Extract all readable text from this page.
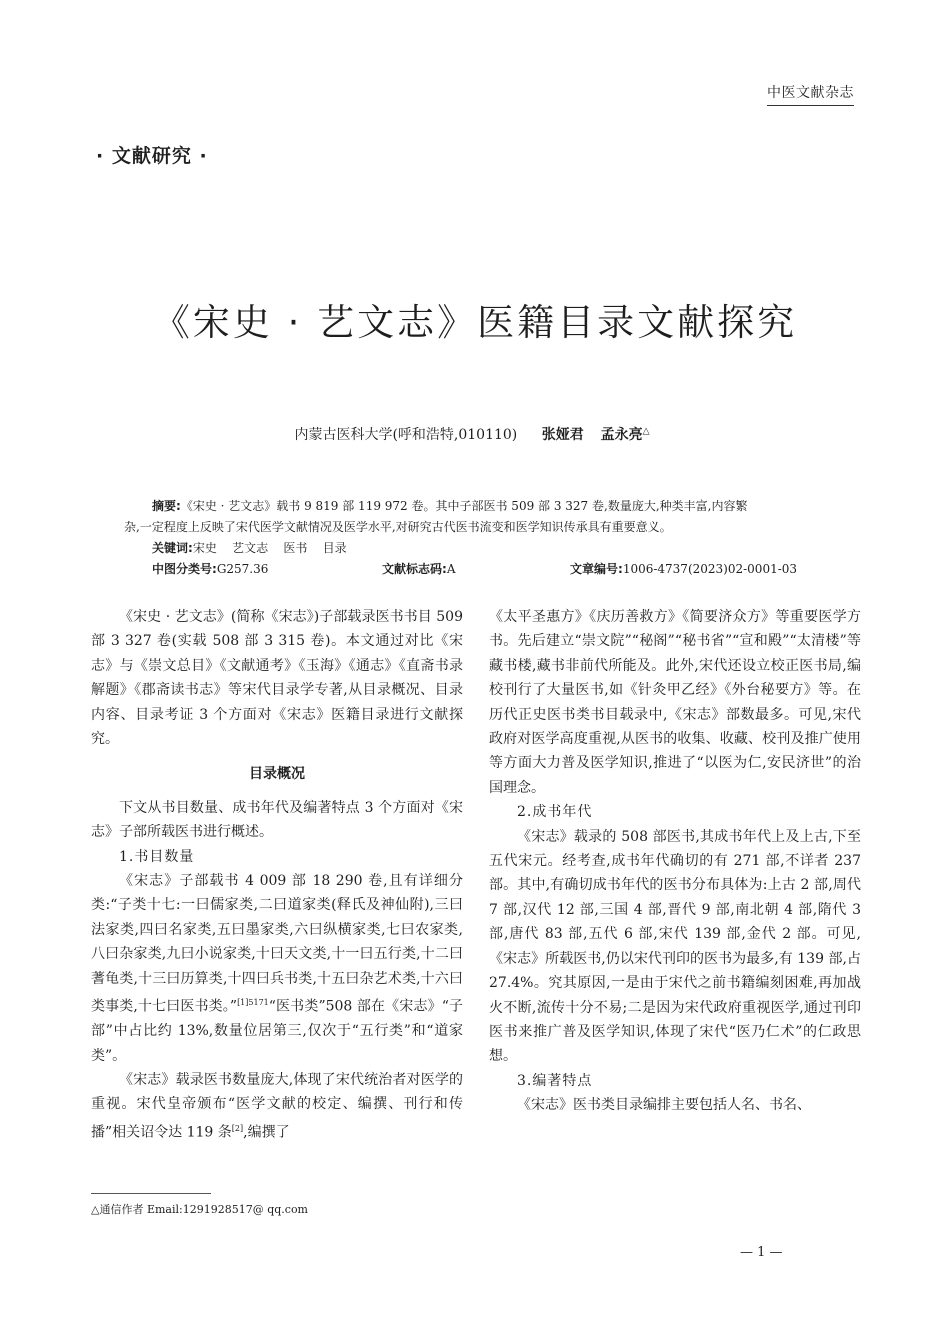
中医文献杂志
· 文献研究 ·
《宋史 · 艺文志》医籍目录文献探究
内蒙古医科大学(呼和浩特,010110) 张娅君 孟永亮△

摘要:《宋史 · 艺文志》载书 9 819 部 119 972 卷。其中子部医书 509 部 3 327 卷,数量庞大,种类丰富,内容繁

杂,一定程度上反映了宋代医学文献情况及医学水平,对研究古代医书流变和医学知识传承具有重要意义。

关键词:宋史    艺文志    医书    目录

中图分类号:G257.36	文献标志码:A	文章编号:1006-4737(2023)02-0001-03

《宋史 · 艺文志》(简称《宋志》)子部载录医书书目 509 部 3 327 卷(实载 508 部 3 315 卷)。本文通过对比《宋志》与《崇文总目》《文献通考》《玉海》《通志》《直斋书录解题》《郡斋读书志》等宋代目录学专著,从目录概况、目录内容、目录考证 3 个方面对《宋志》医籍目录进行文献探究。

目录概况

下文从书目数量、成书年代及编著特点 3 个方面对《宋志》子部所载医书进行概述。

1.书目数量

《宋志》子部载书 4 009 部 18 290 卷,且有详细分类:“子类十七:一曰儒家类,二曰道家类(释氏及神仙附),三曰法家类,四曰名家类,五曰墨家类,六曰纵横家类,七曰农家类,八曰杂家类,九曰小说家类,十曰天文类,十一曰五行类,十二曰蓍龟类,十三曰历算类,十四曰兵书类,十五曰杂艺术类,十六曰类事类,十七曰医书类。”$^{[1]5171}$“医书类”508 部在《宋志》“子部”中占比约 13%,数量位居第三,仅次于“五行类”和“道家类”。

《宋志》载录医书数量庞大,体现了宋代统治者对医学的重视。宋代皇帝颁布“医学文献的校定、编撰、刊行和传播”相关诏令达 119 条[2],编撰了

《太平圣惠方》《庆历善救方》《简要济众方》等重要医学方书。先后建立“崇文院”“秘阁”“秘书省”“宣和殿”“太清楼”等藏书楼,藏书非前代所能及。此外,宋代还设立校正医书局,编校刊行了大量医书,如《针灸甲乙经》《外台秘要方》等。在历代正史医书类书目载录中,《宋志》部数最多。可见,宋代政府对医学高度重视,从医书的收集、收藏、校刊及推广使用等方面大力普及医学知识,推进了“以医为仁,安民济世”的治国理念。

2.成书年代

《宋志》载录的 508 部医书,其成书年代上及上古,下至五代宋元。经考查,成书年代确切的有 271 部,不详者 237 部。其中,有确切成书年代的医书分布具体为:上古 2 部,周代 7 部,汉代 12 部,三国 4 部,晋代 9 部,南北朝 4 部,隋代 3 部,唐代 83 部,五代 6 部,宋代 139 部,金代 2 部。可见,《宋志》所载医书,仍以宋代刊印的医书为最多,有 139 部,占 27.4%。究其原因,一是由于宋代之前书籍编刻困难,再加战火不断,流传十分不易;二是因为宋代政府重视医学,通过刊印医书来推广普及医学知识,体现了宋代“医乃仁术”的仁政思想。

3.编著特点

《宋志》医书类目录编排主要包括人名、书名、

△通信作者 Email:1291928517@ qq.com
— 1 —
